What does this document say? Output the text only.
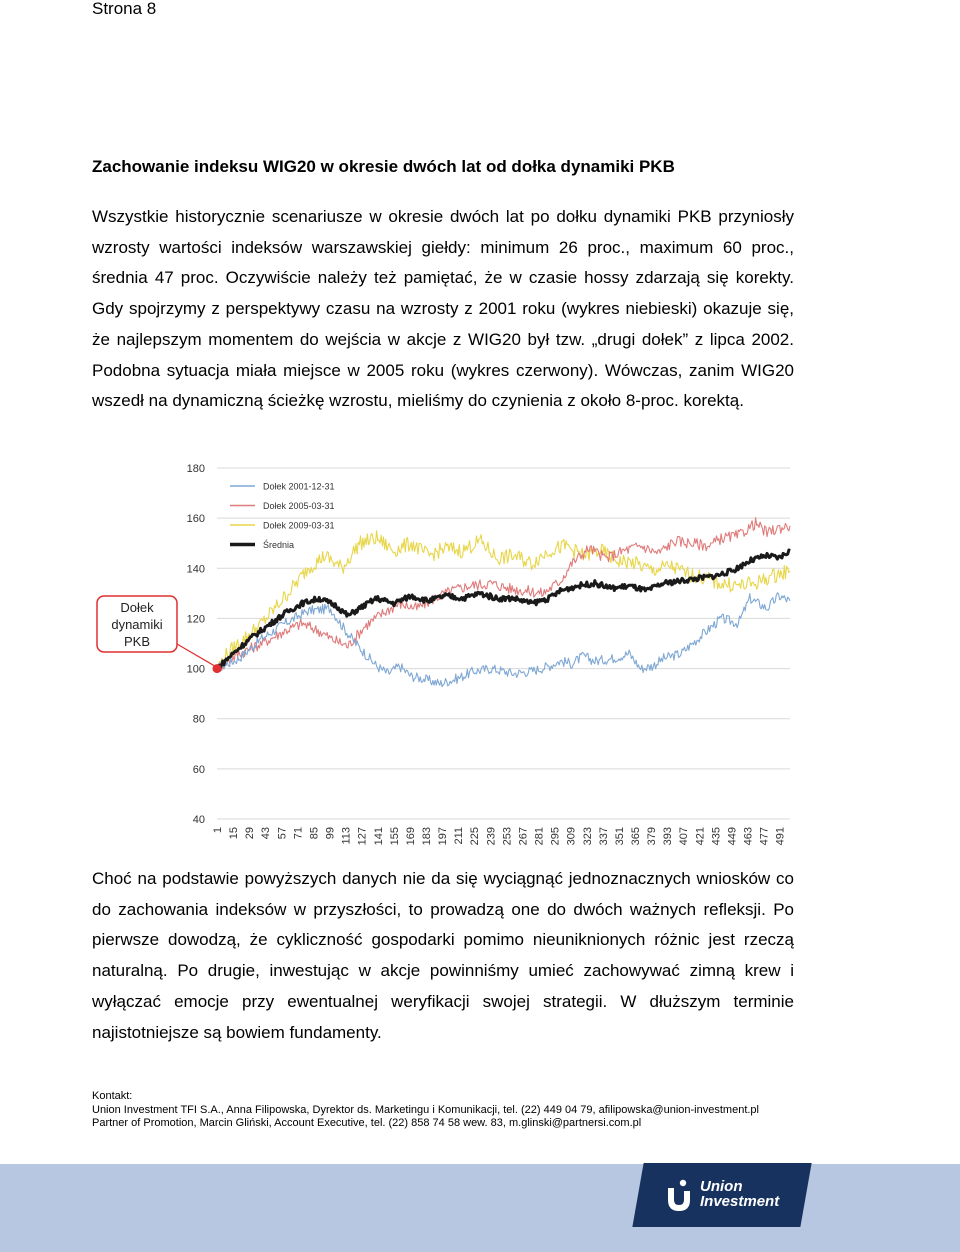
Strona 8
Zachowanie indeksu WIG20 w okresie dwóch lat od dołka dynamiki PKB

Wszystkie historycznie scenariusze w okresie dwóch lat po dołku dynamiki PKB przyniosły wzrosty wartości indeksów warszawskiej giełdy: minimum 26 proc., maximum 60 proc., średnia 47 proc. Oczywiście należy też pamiętać, że w czasie hossy zdarzają się korekty. Gdy spojrzymy z perspektywy czasu na wzrosty z 2001 roku (wykres niebieski) okazuje się, że najlepszym momentem do wejścia w akcje z WIG20 był tzw. „drugi dołek” z lipca 2002. Podobna sytuacja miała miejsce w 2005 roku (wykres czerwony). Wówczas, zanim WIG20 wszedł na dynamiczną ścieżkę wzrostu, mieliśmy do czynienia z około 8-proc. korektą.

180
160
140
120
100
80
60
40
1 15 29 43 57 71 85 99 113 127 141 155 169 183 197 211 225 239 253 267 281 295 309 323 337 351 365 379 393 407 421 435 449 463 477 491
Dołek 2001-12-31
Dołek 2005-03-31
Dołek 2009-03-31
Średnia
Dołek
dynamiki
PKB

Choć na podstawie powyższych danych nie da się wyciągnąć jednoznacznych wniosków co do zachowania indeksów w przyszłości, to prowadzą one do dwóch ważnych refleksji. Po pierwsze dowodzą, że cykliczność gospodarki pomimo nieuniknionych różnic jest rzeczą naturalną. Po drugie, inwestując w akcje powinniśmy umieć zachowywać zimną krew i wyłączać emocje przy ewentualnej weryfikacji swojej strategii. W dłuższym terminie najistotniejsze są bowiem fundamenty.

Kontakt:
Union Investment TFI S.A., Anna Filipowska, Dyrektor ds. Marketingu i Komunikacji, tel. (22) 449 04 79, afilipowska@union-investment.pl
Partner of Promotion, Marcin Gliński, Account Executive, tel. (22) 858 74 58 wew. 83, m.glinski@partnersi.com.pl
Union
Investment
